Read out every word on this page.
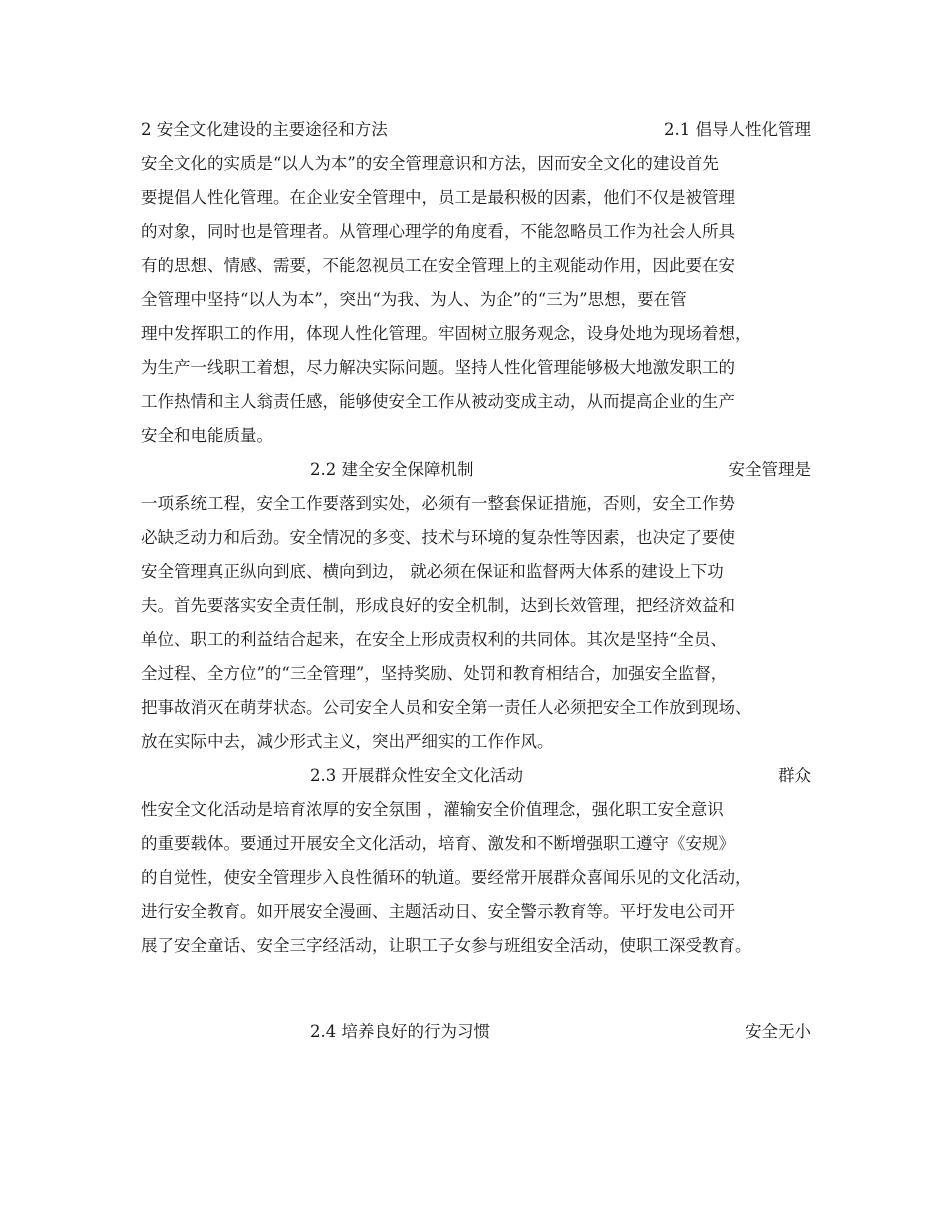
2 安全文化建设的主要途径和方法	2.1 倡导人性化管理
安全文化的实质是“以人为本”的安全管理意识和方法，因而安全文化的建设首先
要提倡人性化管理。在企业安全管理中，员工是最积极的因素，他们不仅是被管理
的对象，同时也是管理者。从管理心理学的角度看，不能忽略员工作为社会人所具
有的思想、情感、需要，不能忽视员工在安全管理上的主观能动作用，因此要在安
全管理中坚持“以人为本”，突出“为我、为人、为企”的“三为”思想，要在管
理中发挥职工的作用，体现人性化管理。牢固树立服务观念，设身处地为现场着想，
为生产一线职工着想，尽力解决实际问题。坚持人性化管理能够极大地激发职工的
工作热情和主人翁责任感，能够使安全工作从被动变成主动，从而提高企业的生产
安全和电能质量。
2.2 建全安全保障机制	安全管理是
一项系统工程，安全工作要落到实处，必须有一整套保证措施，否则，安全工作势
必缺乏动力和后劲。安全情况的多变、技术与环境的复杂性等因素，也决定了要使
安全管理真正纵向到底、横向到边， 就必须在保证和监督两大体系的建设上下功
夫。首先要落实安全责任制，形成良好的安全机制，达到长效管理，把经济效益和
单位、职工的利益结合起来，在安全上形成责权利的共同体。其次是坚持“全员、
全过程、全方位”的“三全管理”，坚持奖励、处罚和教育相结合，加强安全监督，
把事故消灭在萌芽状态。公司安全人员和安全第一责任人必须把安全工作放到现场、
放在实际中去，减少形式主义，突出严细实的工作作风。
2.3 开展群众性安全文化活动	群众
性安全文化活动是培育浓厚的安全氛围 ，灌输安全价值理念，强化职工安全意识
的重要载体。要通过开展安全文化活动，培育、激发和不断增强职工遵守《安规》
的自觉性，使安全管理步入良性循环的轨道。要经常开展群众喜闻乐见的文化活动，
进行安全教育。如开展安全漫画、主题活动日、安全警示教育等。平圩发电公司开
展了安全童话、安全三字经活动，让职工子女参与班组安全活动，使职工深受教育。
2.4 培养良好的行为习惯	安全无小
